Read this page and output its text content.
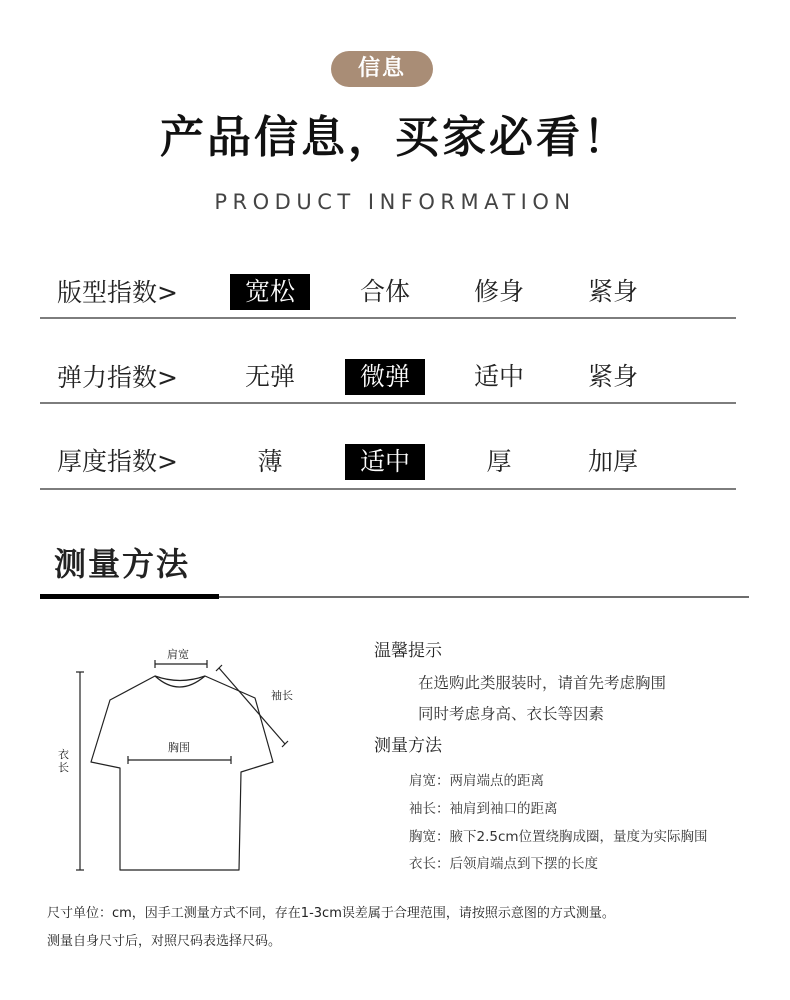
信息
产品信息，买家必看！
PRODUCT INFORMATION
版型指数>	宽松	合体	修身	紧身
弹力指数>	无弹	微弹	适中	紧身
厚度指数>	薄	适中	厚	加厚
测量方法
肩宽
袖长
胸围
衣长
温馨提示
在选购此类服装时，请首先考虑胸围
同时考虑身高、衣长等因素
测量方法
肩宽：两肩端点的距离
袖长：袖肩到袖口的距离
胸宽：腋下2.5cm位置绕胸成圈，量度为实际胸围
衣长：后领肩端点到下摆的长度
尺寸单位：cm，因手工测量方式不同，存在1-3cm误差属于合理范围，请按照示意图的方式测量。
测量自身尺寸后，对照尺码表选择尺码。
